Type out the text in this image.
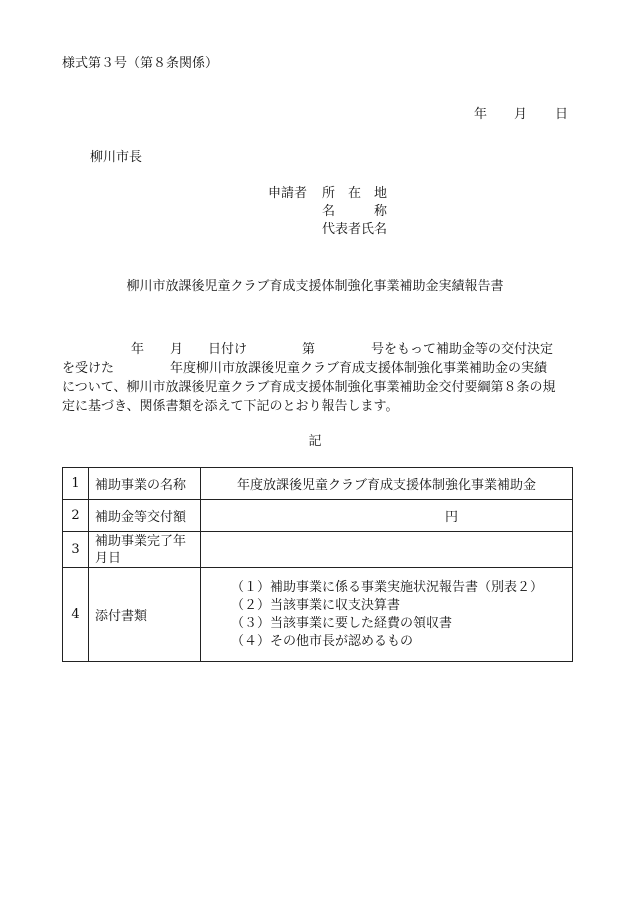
様式第３号（第８条関係）
年 月 日
柳川市長
申請者 所　在　地
名　　　称
代表者氏名
柳川市放課後児童クラブ育成支援体制強化事業補助金実績報告書
年 月 日付け	第	号をもって補助金等の交付決定
を受けた	年度柳川市放課後児童クラブ育成支援体制強化事業補助金の実績
について、柳川市放課後児童クラブ育成支援体制強化事業補助金交付要綱第８条の規
定に基づき、関係書類を添えて下記のとおり報告します。
記
1	補助事業の名称	年度放課後児童クラブ育成支援体制強化事業補助金
2	補助金等交付額	円
3	補助事業完了年月日	
4	添付書類	（１）補助事業に係る事業実施状況報告書（別表２）
（２）当該事業に収支決算書
（３）当該事業に要した経費の領収書
（４）その他市長が認めるもの
